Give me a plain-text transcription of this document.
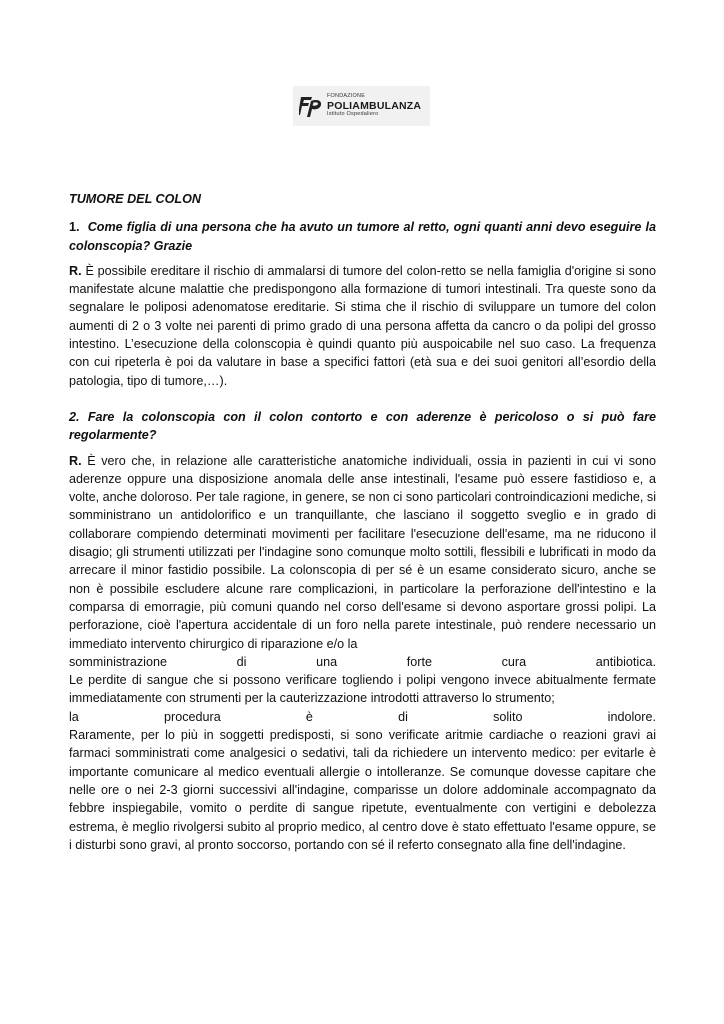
FONDAZIONE
POLIAMBULANZA
Istituto Ospedaliero

TUMORE DEL COLON

1. Come figlia di una persona che ha avuto un tumore al retto, ogni quanti anni devo eseguire la colonscopia? Grazie

R. È possibile ereditare il rischio di ammalarsi di tumore del colon-retto se nella famiglia d'origine si sono manifestate alcune malattie che predispongono alla formazione di tumori intestinali. Tra queste sono da segnalare le poliposi adenomatose ereditarie. Si stima che il rischio di sviluppare un tumore del colon aumenti di 2 o 3 volte nei parenti di primo grado di una persona affetta da cancro o da polipi del grosso intestino. L’esecuzione della colonscopia è quindi quanto più auspoicabile nel suo caso. La frequenza con cui ripeterla è poi da valutare in base a specifici fattori (età sua e dei suoi genitori all’esordio della patologia, tipo di tumore,…).

2. Fare la colonscopia con il colon contorto e con aderenze è pericoloso o si può fare regolarmente?

R. È vero che, in relazione alle caratteristiche anatomiche individuali, ossia in pazienti in cui vi sono aderenze oppure una disposizione anomala delle anse intestinali, l'esame può essere fastidioso e, a volte, anche doloroso. Per tale ragione, in genere, se non ci sono particolari controindicazioni mediche, si somministrano un antidolorifico e un tranquillante, che lasciano il soggetto sveglio e in grado di collaborare compiendo determinati movimenti per facilitare l'esecuzione dell'esame, ma ne riducono il disagio; gli strumenti utilizzati per l'indagine sono comunque molto sottili, flessibili e lubrificati in modo da arrecare il minor fastidio possibile. La colonscopia di per sé è un esame considerato sicuro, anche se non è possibile escludere alcune rare complicazioni, in particolare la perforazione dell'intestino e la comparsa di emorragie, più comuni quando nel corso dell'esame si devono asportare grossi polipi. La perforazione, cioè l'apertura accidentale di un foro nella parete intestinale, può rendere necessario un immediato intervento chirurgico di riparazione e/o la

somministrazione di una forte cura antibiotica.

Le perdite di sangue che si possono verificare togliendo i polipi vengono invece abitualmente fermate immediatamente con strumenti per la cauterizzazione introdotti attraverso lo strumento;

la procedura è di solito indolore.

Raramente, per lo più in soggetti predisposti, si sono verificate aritmie cardiache o reazioni gravi ai farmaci somministrati come analgesici o sedativi, tali da richiedere un intervento medico: per evitarle è importante comunicare al medico eventuali allergie o intolleranze. Se comunque dovesse capitare che nelle ore o nei 2-3 giorni successivi all'indagine, comparisse un dolore addominale accompagnato da febbre inspiegabile, vomito o perdite di sangue ripetute, eventualmente con vertigini e debolezza estrema, è meglio rivolgersi subito al proprio medico, al centro dove è stato effettuato l'esame oppure, se i disturbi sono gravi, al pronto soccorso, portando con sé il referto consegnato alla fine dell'indagine.
